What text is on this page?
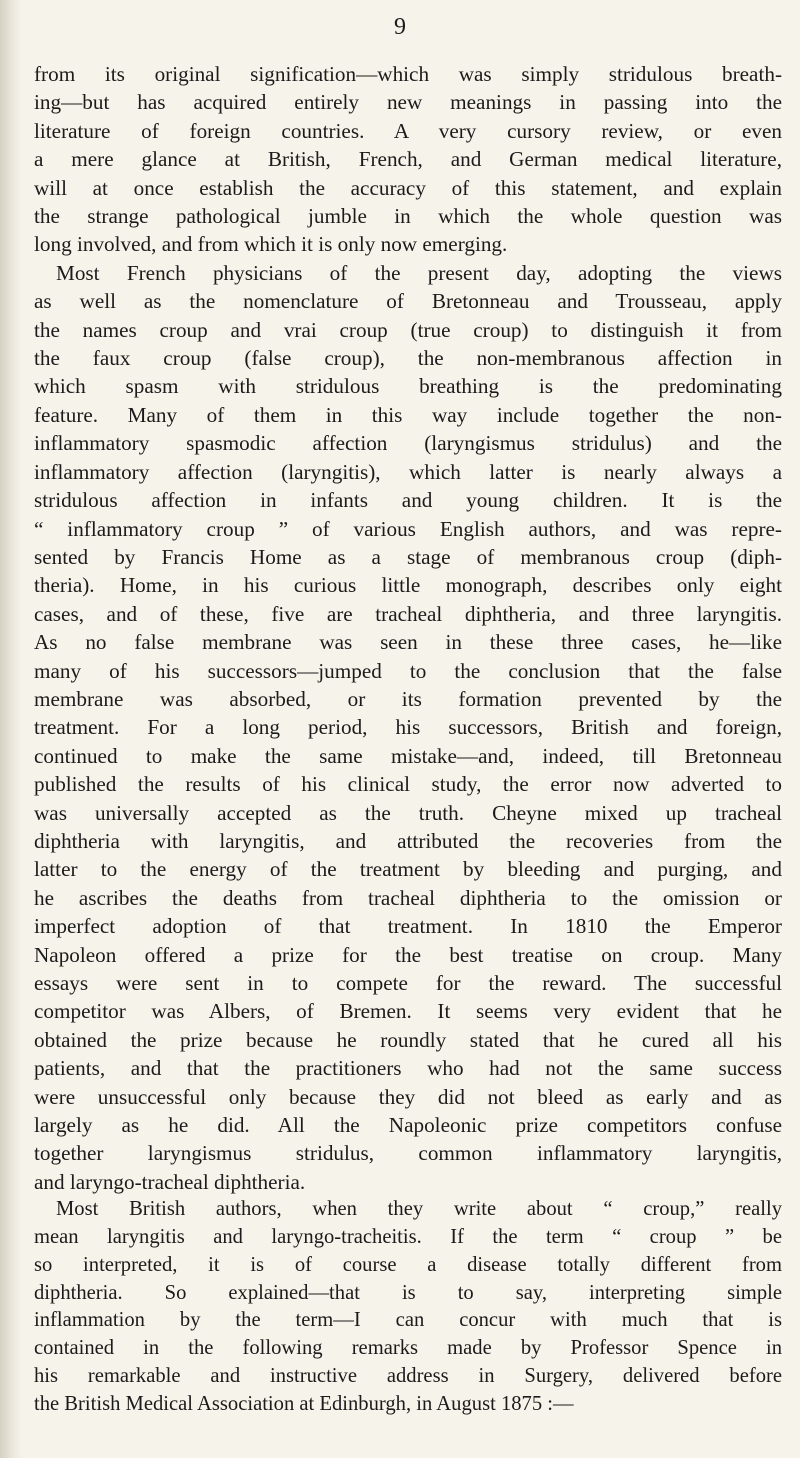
9
from its original signification—which was simply stridulous breath-
ing—but has acquired entirely new meanings in passing into the
literature of foreign countries. A very cursory review, or even
a mere glance at British, French, and German medical literature,
will at once establish the accuracy of this statement, and explain
the strange pathological jumble in which the whole question was
long involved, and from which it is only now emerging.
Most French physicians of the present day, adopting the views
as well as the nomenclature of Bretonneau and Trousseau, apply
the names croup and vrai croup (true croup) to distinguish it from
the faux croup (false croup), the non-membranous affection in
which spasm with stridulous breathing is the predominating
feature. Many of them in this way include together the non-
inflammatory spasmodic affection (laryngismus stridulus) and the
inflammatory affection (laryngitis), which latter is nearly always a
stridulous affection in infants and young children. It is the
“ inflammatory croup ” of various English authors, and was repre-
sented by Francis Home as a stage of membranous croup (diph-
theria). Home, in his curious little monograph, describes only eight
cases, and of these, five are tracheal diphtheria, and three laryngitis.
As no false membrane was seen in these three cases, he—like
many of his successors—jumped to the conclusion that the false
membrane was absorbed, or its formation prevented by the
treatment. For a long period, his successors, British and foreign,
continued to make the same mistake—and, indeed, till Bretonneau
published the results of his clinical study, the error now adverted to
was universally accepted as the truth. Cheyne mixed up tracheal
diphtheria with laryngitis, and attributed the recoveries from the
latter to the energy of the treatment by bleeding and purging, and
he ascribes the deaths from tracheal diphtheria to the omission or
imperfect adoption of that treatment. In 1810 the Emperor
Napoleon offered a prize for the best treatise on croup. Many
essays were sent in to compete for the reward. The successful
competitor was Albers, of Bremen. It seems very evident that he
obtained the prize because he roundly stated that he cured all his
patients, and that the practitioners who had not the same success
were unsuccessful only because they did not bleed as early and as
largely as he did. All the Napoleonic prize competitors confuse
together laryngismus stridulus, common inflammatory laryngitis,
and laryngo-tracheal diphtheria.
Most British authors, when they write about “ croup,” really
mean laryngitis and laryngo-tracheitis. If the term “ croup ” be
so interpreted, it is of course a disease totally different from
diphtheria. So explained—that is to say, interpreting simple
inflammation by the term—I can concur with much that is
contained in the following remarks made by Professor Spence in
his remarkable and instructive address in Surgery, delivered before
the British Medical Association at Edinburgh, in August 1875 :—
